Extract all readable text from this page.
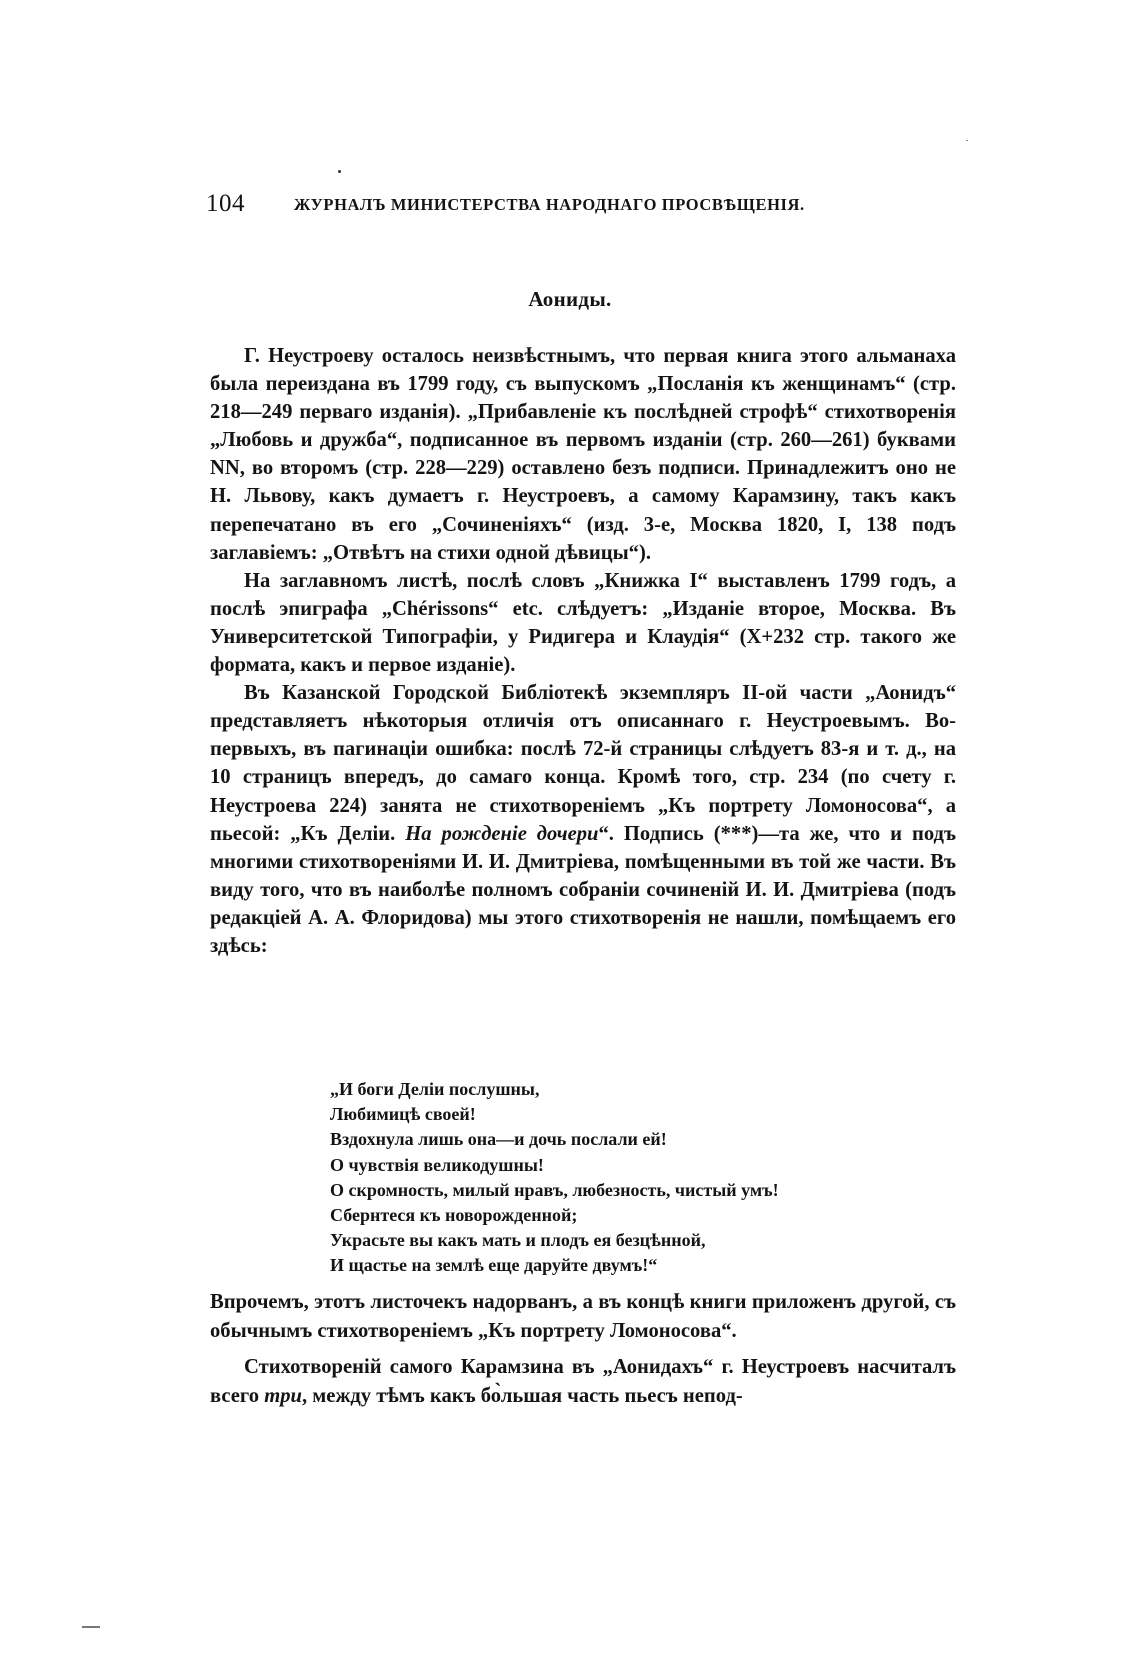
104	ЖУРНАЛЪ МИНИСТЕРСТВА НАРОДНАГО ПРОСВѢЩЕНІЯ.
Аониды.

Г. Неустроеву осталось неизвѣстнымъ, что первая книга этого альманаха была переиздана въ 1799 году, съ выпускомъ „Посланія къ женщинамъ“ (стр. 218—249 перваго изданія). „Прибавленіе къ послѣдней строфѣ“ стихотворенія „Любовь и дружба“, подписанное въ первомъ изданіи (стр. 260—261) буквами NN, во второмъ (стр. 228—229) оставлено безъ подписи. Принадлежитъ оно не Н. Львову, какъ думаетъ г. Неустроевъ, а самому Карамзину, такъ какъ перепечатано въ его „Сочиненіяхъ“ (изд. 3-е, Москва 1820, I, 138 подъ заглавіемъ: „Отвѣтъ на стихи одной дѣвицы“).

На заглавномъ листѣ, послѣ словъ „Книжка I“ выставленъ 1799 годъ, а послѣ эпиграфа „Chérissons“ etc. слѣдуетъ: „Изданіе второе, Москва. Въ Университетской Типографіи, у Ридигера и Клаудія“ (X+232 стр. такого же формата, какъ и первое изданіе).

Въ Казанской Городской Библіотекѣ экземпляръ II-ой части „Аонидъ“ представляетъ нѣкоторыя отличія отъ описаннаго г. Неустроевымъ. Во-первыхъ, въ пагинаціи ошибка: послѣ 72-й страницы слѣдуетъ 83-я и т. д., на 10 страницъ впередъ, до самаго конца. Кромѣ того, стр. 234 (по счету г. Неустроева 224) занята не стихотвореніемъ „Къ портрету Ломоносова“, а пьесой: „Къ Деліи. На рожденіе дочери“. Подпись (***)—та же, что и подъ многими стихотвореніями И. И. Дмитріева, помѣщенными въ той же части. Въ виду того, что въ наиболѣе полномъ собраніи сочиненій И. И. Дмитріева (подъ редакціей А. А. Флоридова) мы этого стихотворенія не нашли, помѣщаемъ его здѣсь:

„И боги Деліи послушны,
Любимицѣ своей!
Вздохнула лишь она—и дочь послали ей!
О чувствія великодушны!
О скромность, милый нравъ, любезность, чистый умъ!
Сбернтеся къ новорожденной;
Украсьте вы какъ мать и плодъ ея безцѣнной,
И щастье на землѣ еще даруйте двумъ!“

Впрочемъ, этотъ листочекъ надорванъ, а въ концѣ книги приложенъ другой, съ обычнымъ стихотвореніемъ „Къ портрету Ломоносова“.

Стихотвореній самого Карамзина въ „Аонидахъ“ г. Неустроевъ насчиталъ всего три, между тѣмъ какъ бо̀льшая часть пьесъ непод-
